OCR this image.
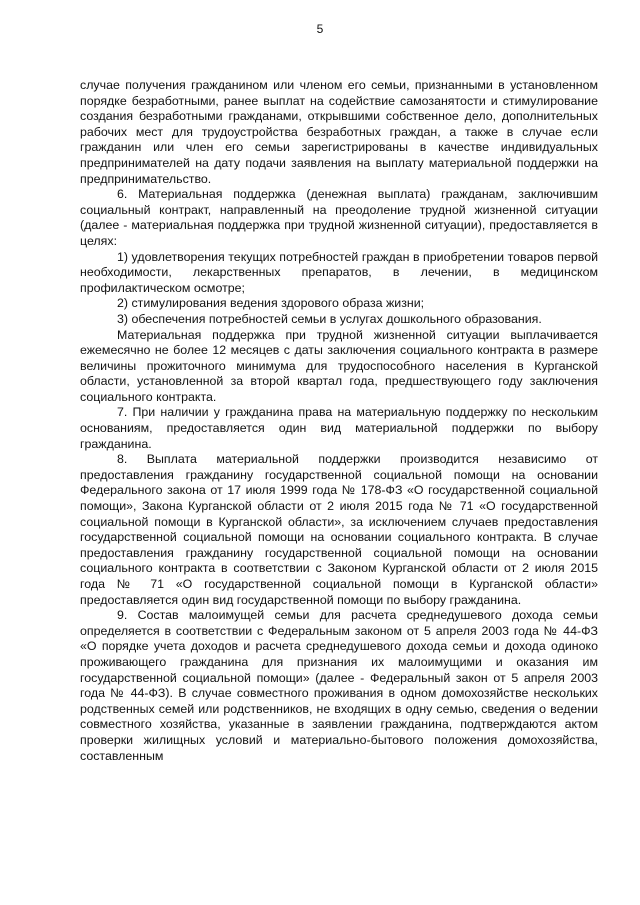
5

случае получения гражданином или членом его семьи, признанными в установленном порядке безработными, ранее выплат на содействие самозанятости и стимулирование создания безработными гражданами, открывшими собственное дело, дополнительных рабочих мест для трудоустройства безработных граждан, а также в случае если гражданин или член его семьи зарегистрированы в качестве индивидуальных предпринимателей на дату подачи заявления на выплату материальной поддержки на предпринимательство.

6. Материальная поддержка (денежная выплата) гражданам, заключившим социальный контракт, направленный на преодоление трудной жизненной ситуации (далее - материальная поддержка при трудной жизненной ситуации), предоставляется в целях:

1) удовлетворения текущих потребностей граждан в приобретении товаров первой необходимости, лекарственных препаратов, в лечении, в медицинском профилактическом осмотре;

2) стимулирования ведения здорового образа жизни;

3) обеспечения потребностей семьи в услугах дошкольного образования.

Материальная поддержка при трудной жизненной ситуации выплачивается ежемесячно не более 12 месяцев с даты заключения социального контракта в размере величины прожиточного минимума для трудоспособного населения в Курганской области, установленной за второй квартал года, предшествующего году заключения социального контракта.

7. При наличии у гражданина права на материальную поддержку по нескольким основаниям, предоставляется один вид материальной поддержки по выбору гражданина.

8. Выплата материальной поддержки производится независимо от предоставления гражданину государственной социальной помощи на основании Федерального закона от 17 июля 1999 года № 178-ФЗ «О государственной социальной помощи», Закона Курганской области от 2 июля 2015 года № 71 «О государственной социальной помощи в Курганской области», за исключением случаев предоставления государственной социальной помощи на основании социального контракта. В случае предоставления гражданину государственной социальной помощи на основании социального контракта в соответствии с Законом Курганской области от 2 июля 2015 года № 71 «О государственной социальной помощи в Курганской области» предоставляется один вид государственной помощи по выбору гражданина.

9. Состав малоимущей семьи для расчета среднедушевого дохода семьи определяется в соответствии с Федеральным законом от 5 апреля 2003 года № 44-ФЗ «О порядке учета доходов и расчета среднедушевого дохода семьи и дохода одиноко проживающего гражданина для признания их малоимущими и оказания им государственной социальной помощи» (далее - Федеральный закон от 5 апреля 2003 года № 44-ФЗ). В случае совместного проживания в одном домохозяйстве нескольких родственных семей или родственников, не входящих в одну семью, сведения о ведении совместного хозяйства, указанные в заявлении гражданина, подтверждаются актом проверки жилищных условий и материально-бытового положения домохозяйства, составленным
